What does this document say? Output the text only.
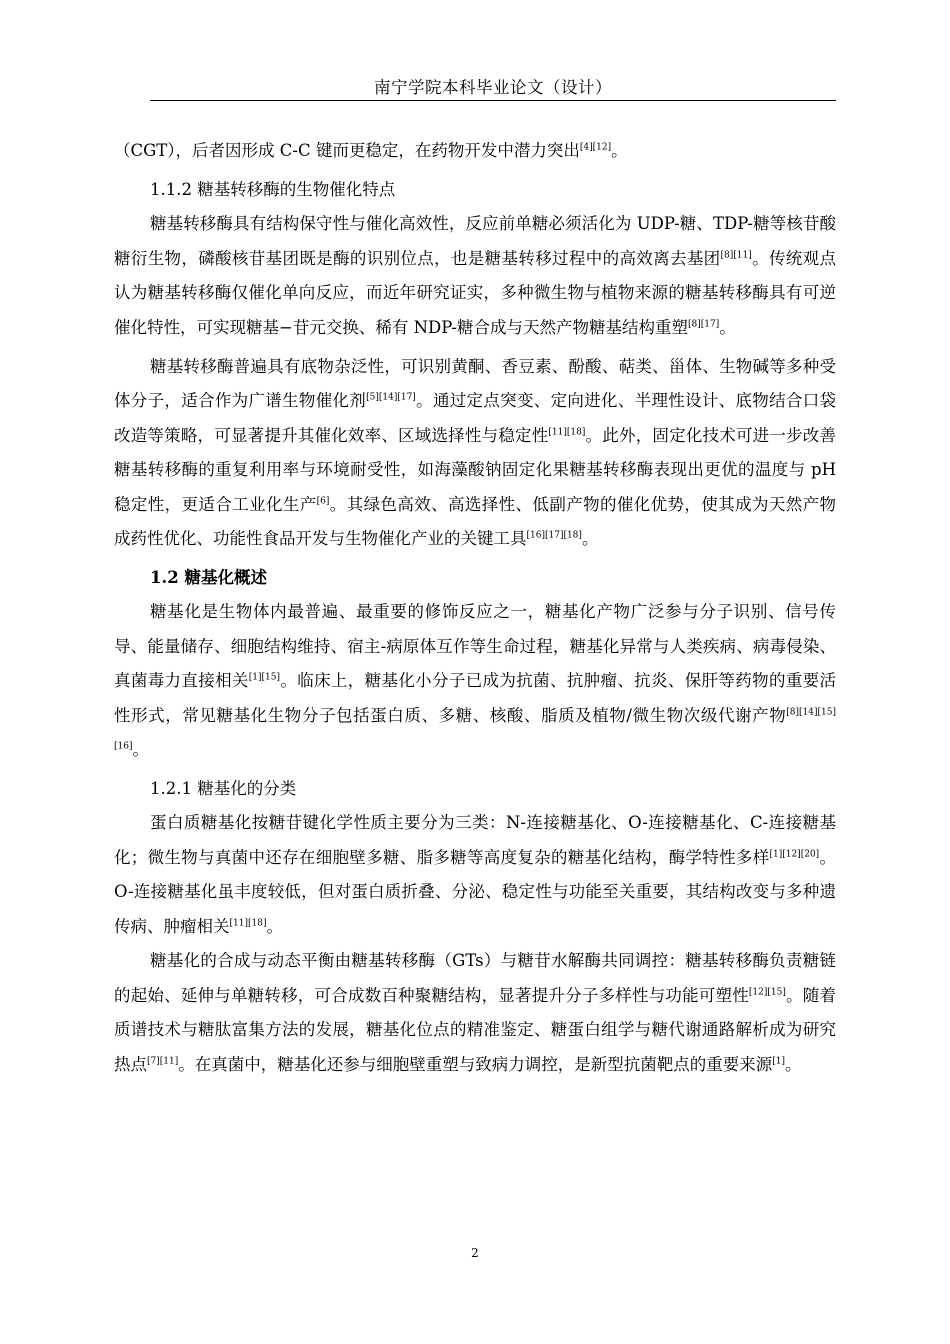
南宁学院本科毕业论文（设计）

（CGT），后者因形成 C-C 键而更稳定，在药物开发中潜力突出[4][12]。

1.1.2 糖基转移酶的生物催化特点

糖基转移酶具有结构保守性与催化高效性，反应前单糖必须活化为 UDP-糖、TDP-糖等核苷酸糖衍生物，磷酸核苷基团既是酶的识别位点，也是糖基转移过程中的高效离去基团[8][11]。传统观点认为糖基转移酶仅催化单向反应，而近年研究证实，多种微生物与植物来源的糖基转移酶具有可逆催化特性，可实现糖基−苷元交换、稀有 NDP-糖合成与天然产物糖基结构重塑[8][17]。

糖基转移酶普遍具有底物杂泛性，可识别黄酮、香豆素、酚酸、萜类、甾体、生物碱等多种受体分子，适合作为广谱生物催化剂[5][14][17]。通过定点突变、定向进化、半理性设计、底物结合口袋改造等策略，可显著提升其催化效率、区域选择性与稳定性[11][18]。此外，固定化技术可进一步改善糖基转移酶的重复利用率与环境耐受性，如海藻酸钠固定化果糖基转移酶表现出更优的温度与 pH 稳定性，更适合工业化生产[6]。其绿色高效、高选择性、低副产物的催化优势，使其成为天然产物成药性优化、功能性食品开发与生物催化产业的关键工具[16][17][18]。

1.2 糖基化概述

糖基化是生物体内最普遍、最重要的修饰反应之一，糖基化产物广泛参与分子识别、信号传导、能量储存、细胞结构维持、宿主-病原体互作等生命过程，糖基化异常与人类疾病、病毒侵染、真菌毒力直接相关[1][15]。临床上，糖基化小分子已成为抗菌、抗肿瘤、抗炎、保肝等药物的重要活性形式，常见糖基化生物分子包括蛋白质、多糖、核酸、脂质及植物/微生物次级代谢产物[8][14][15][16]。

1.2.1 糖基化的分类

蛋白质糖基化按糖苷键化学性质主要分为三类：N-连接糖基化、O-连接糖基化、C-连接糖基化；微生物与真菌中还存在细胞壁多糖、脂多糖等高度复杂的糖基化结构，酶学特性多样[1][12][20]。O-连接糖基化虽丰度较低，但对蛋白质折叠、分泌、稳定性与功能至关重要，其结构改变与多种遗传病、肿瘤相关[11][18]。

糖基化的合成与动态平衡由糖基转移酶（GTs）与糖苷水解酶共同调控：糖基转移酶负责糖链的起始、延伸与单糖转移，可合成数百种聚糖结构，显著提升分子多样性与功能可塑性[12][15]。随着质谱技术与糖肽富集方法的发展，糖基化位点的精准鉴定、糖蛋白组学与糖代谢通路解析成为研究热点[7][11]。在真菌中，糖基化还参与细胞壁重塑与致病力调控，是新型抗菌靶点的重要来源[1]。

2
